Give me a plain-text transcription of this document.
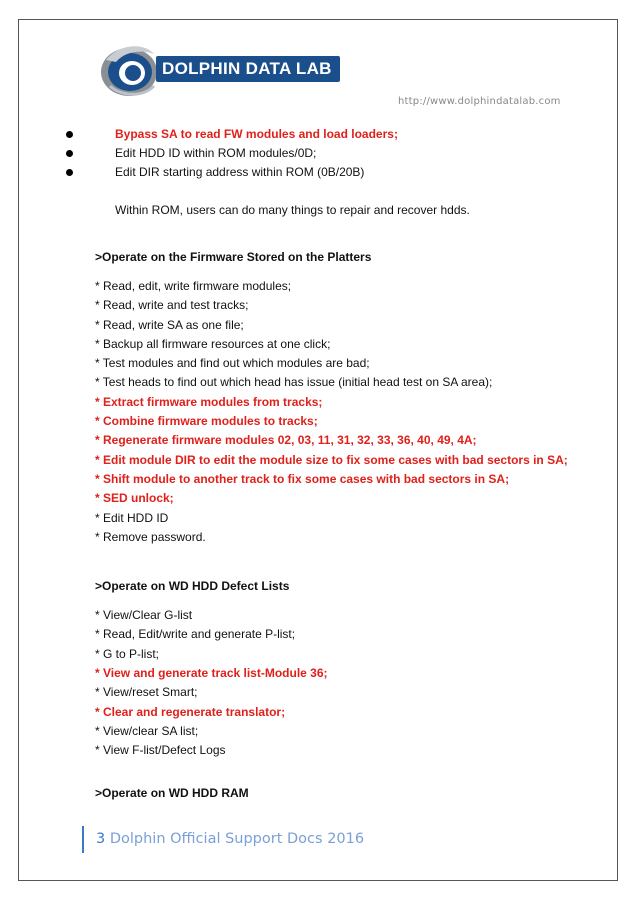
DOLPHIN DATA LAB
http://www.dolphindatalab.com
Bypass SA to read FW modules and load loaders;
Edit HDD ID within ROM modules/0D;
Edit DIR starting address within ROM (0B/20B)
Within ROM, users can do many things to repair and recover hdds.
>Operate on the Firmware Stored on the Platters
* Read, edit, write firmware modules;
* Read, write and test tracks;
* Read, write SA as one file;
* Backup all firmware resources at one click;
* Test modules and find out which modules are bad;
* Test heads to find out which head has issue (initial head test on SA area);
* Extract firmware modules from tracks;
* Combine firmware modules to tracks;
* Regenerate firmware modules 02, 03, 11, 31, 32, 33, 36, 40, 49, 4A;
* Edit module DIR to edit the module size to fix some cases with bad sectors in SA;
* Shift module to another track to fix some cases with bad sectors in SA;
* SED unlock;
* Edit HDD ID
* Remove password.
>Operate on WD HDD Defect Lists
* View/Clear G-list
* Read, Edit/write and generate P-list;
* G to P-list;
* View and generate track list-Module 36;
* View/reset Smart;
* Clear and regenerate translator;
* View/clear SA list;
* View F-list/Defect Logs
>Operate on WD HDD RAM
3 Dolphin Official Support Docs 2016
